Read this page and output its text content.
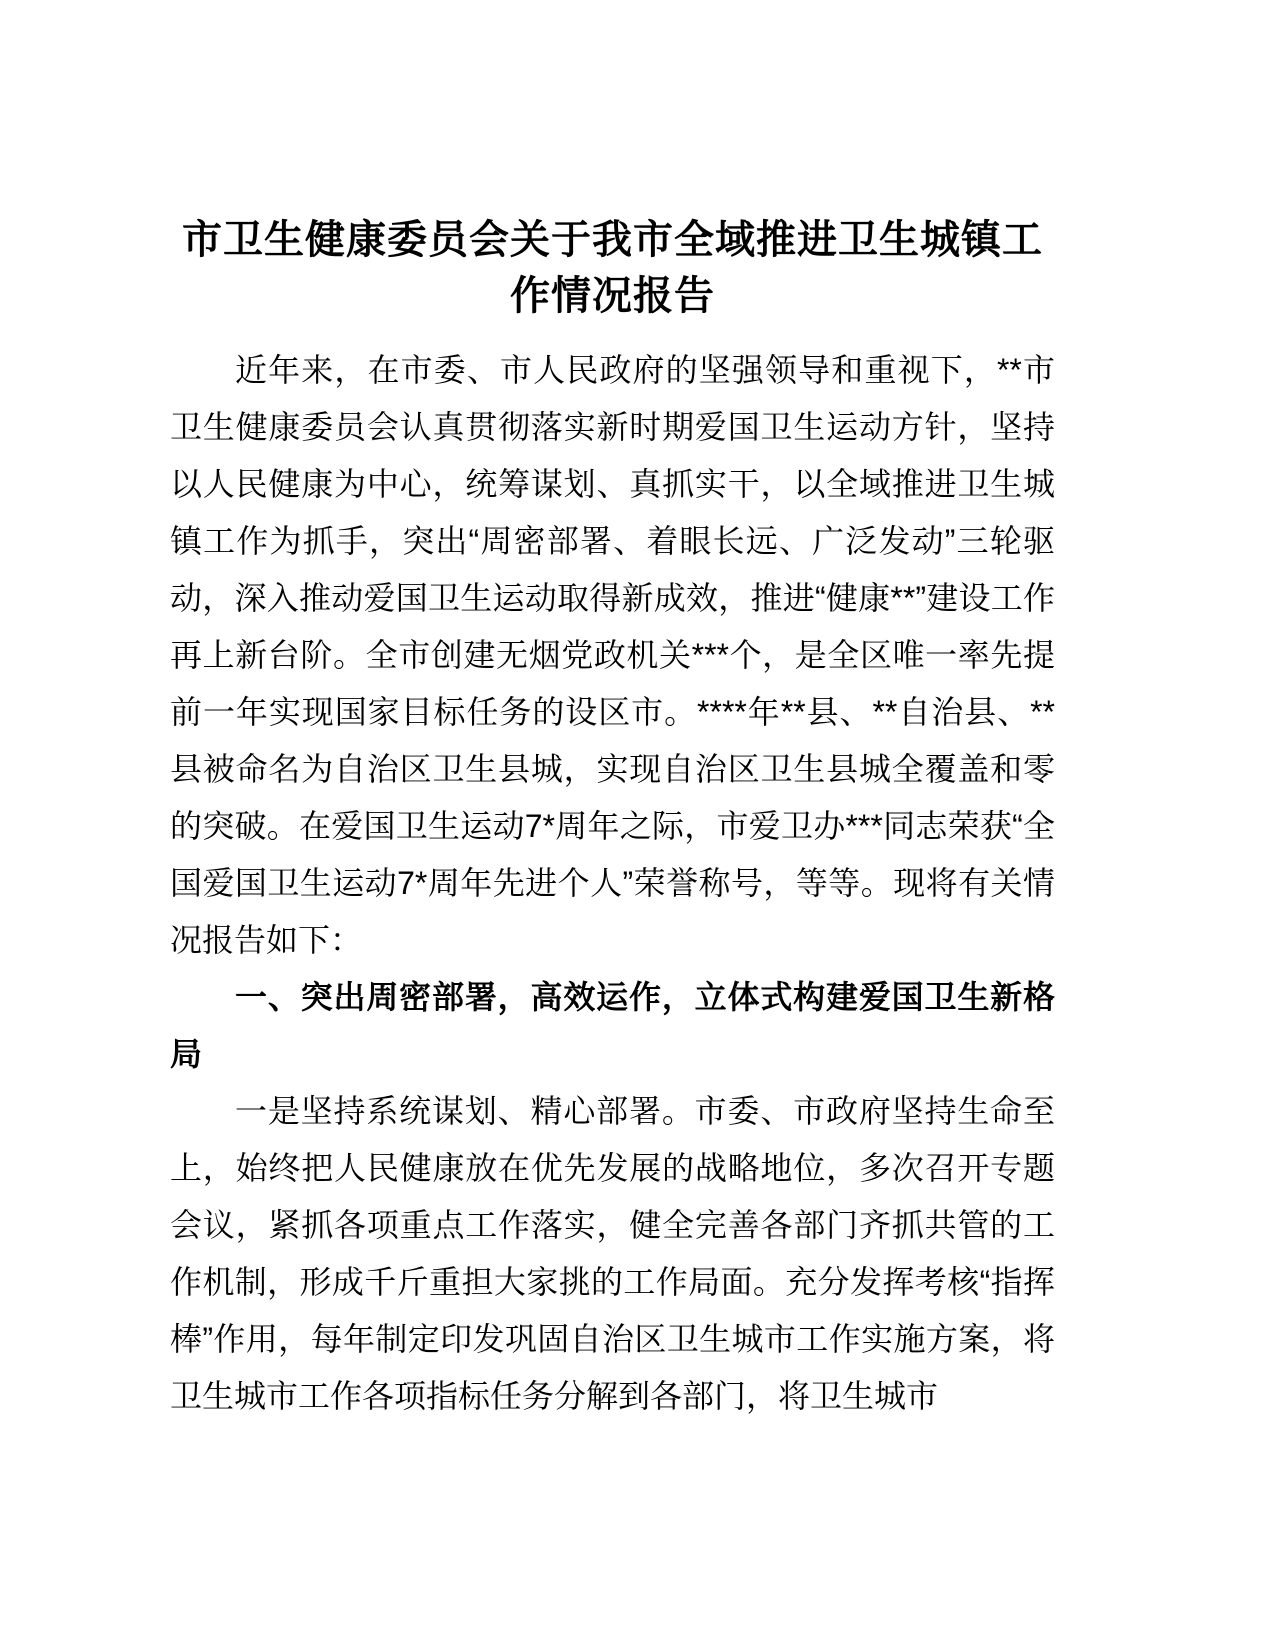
市卫生健康委员会关于我市全域推进卫生城镇工作情况报告

近年来，在市委、市人民政府的坚强领导和重视下，**市卫生健康委员会认真贯彻落实新时期爱国卫生运动方针，坚持以人民健康为中心，统筹谋划、真抓实干，以全域推进卫生城镇工作为抓手，突出“周密部署、着眼长远、广泛发动”三轮驱动，深入推动爱国卫生运动取得新成效，推进“健康**”建设工作再上新台阶。全市创建无烟党政机关***个，是全区唯一率先提前一年实现国家目标任务的设区市。****年**县、**自治县、**县被命名为自治区卫生县城，实现自治区卫生县城全覆盖和零的突破。在爱国卫生运动7*周年之际，市爱卫办***同志荣获“全国爱国卫生运动7*周年先进个人”荣誉称号，等等。现将有关情况报告如下：

一、突出周密部署，高效运作，立体式构建爱国卫生新格局

一是坚持系统谋划、精心部署。市委、市政府坚持生命至上，始终把人民健康放在优先发展的战略地位，多次召开专题会议，紧抓各项重点工作落实，健全完善各部门齐抓共管的工作机制，形成千斤重担大家挑的工作局面。充分发挥考核“指挥棒”作用，每年制定印发巩固自治区卫生城市工作实施方案，将卫生城市工作各项指标任务分解到各部门，将卫生城市
